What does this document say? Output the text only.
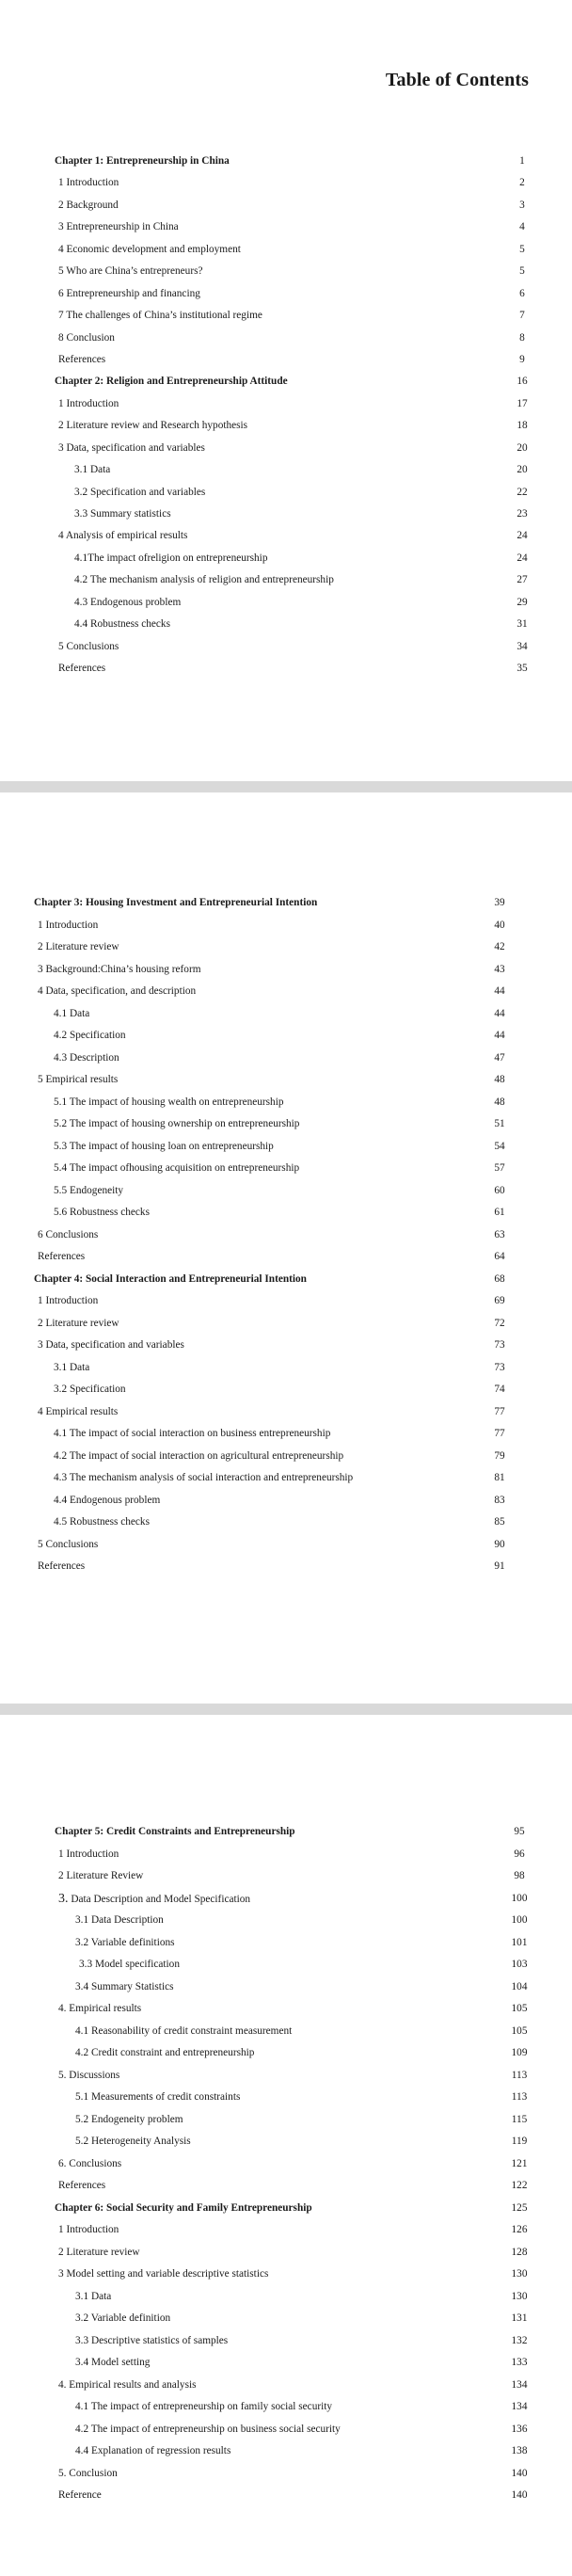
Table of Contents
Chapter 1: Entrepreneurship in China	1
1 Introduction	2
2 Background	3
3 Entrepreneurship in China	4
4 Economic development and employment	5
5 Who are China’s entrepreneurs?	5
6 Entrepreneurship and financing	6
7 The challenges of China’s institutional regime	7
8 Conclusion	8
References	9
Chapter 2: Religion and Entrepreneurship Attitude	16
1 Introduction	17
2 Literature review and Research hypothesis	18
3 Data, specification and variables	20
3.1 Data	20
3.2 Specification and variables	22
3.3 Summary statistics	23
4 Analysis of empirical results	24
4.1The impact ofreligion on entrepreneurship	24
4.2 The mechanism analysis of religion and entrepreneurship	27
4.3 Endogenous problem	29
4.4 Robustness checks	31
5 Conclusions	34
References	35
Chapter 3: Housing Investment and Entrepreneurial Intention	39
1 Introduction	40
2 Literature review	42
3 Background:China’s housing reform	43
4 Data, specification, and description	44
4.1 Data	44
4.2 Specification	44
4.3 Description	47
5 Empirical results	48
5.1 The impact of housing wealth on entrepreneurship	48
5.2 The impact of housing ownership on entrepreneurship	51
5.3 The impact of housing loan on entrepreneurship	54
5.4 The impact ofhousing acquisition on entrepreneurship	57
5.5 Endogeneity	60
5.6 Robustness checks	61
6 Conclusions	63
References	64
Chapter 4: Social Interaction and Entrepreneurial Intention	68
1 Introduction	69
2 Literature review	72
3 Data, specification and variables	73
3.1 Data	73
3.2 Specification	74
4 Empirical results	77
4.1 The impact of social interaction on business entrepreneurship	77
4.2 The impact of social interaction on agricultural entrepreneurship	79
4.3 The mechanism analysis of social interaction and entrepreneurship	81
4.4 Endogenous problem	83
4.5 Robustness checks	85
5 Conclusions	90
References	91
Chapter 5: Credit Constraints and Entrepreneurship	95
1 Introduction	96
2 Literature Review	98
3. Data Description and Model Specification	100
3.1 Data Description	100
3.2 Variable definitions	101
3.3 Model specification	103
3.4 Summary Statistics	104
4. Empirical results	105
4.1 Reasonability of credit constraint measurement	105
4.2 Credit constraint and entrepreneurship	109
5. Discussions	113
5.1 Measurements of credit constraints	113
5.2 Endogeneity problem	115
5.2 Heterogeneity Analysis	119
6. Conclusions	121
References	122
Chapter 6: Social Security and Family Entrepreneurship	125
1 Introduction	126
2 Literature review	128
3 Model setting and variable descriptive statistics	130
3.1 Data	130
3.2 Variable definition	131
3.3 Descriptive statistics of samples	132
3.4 Model setting	133
4. Empirical results and analysis	134
4.1 The impact of entrepreneurship on family social security	134
4.2 The impact of entrepreneurship on business social security	136
4.4 Explanation of regression results	138
5. Conclusion	140
Reference	140
